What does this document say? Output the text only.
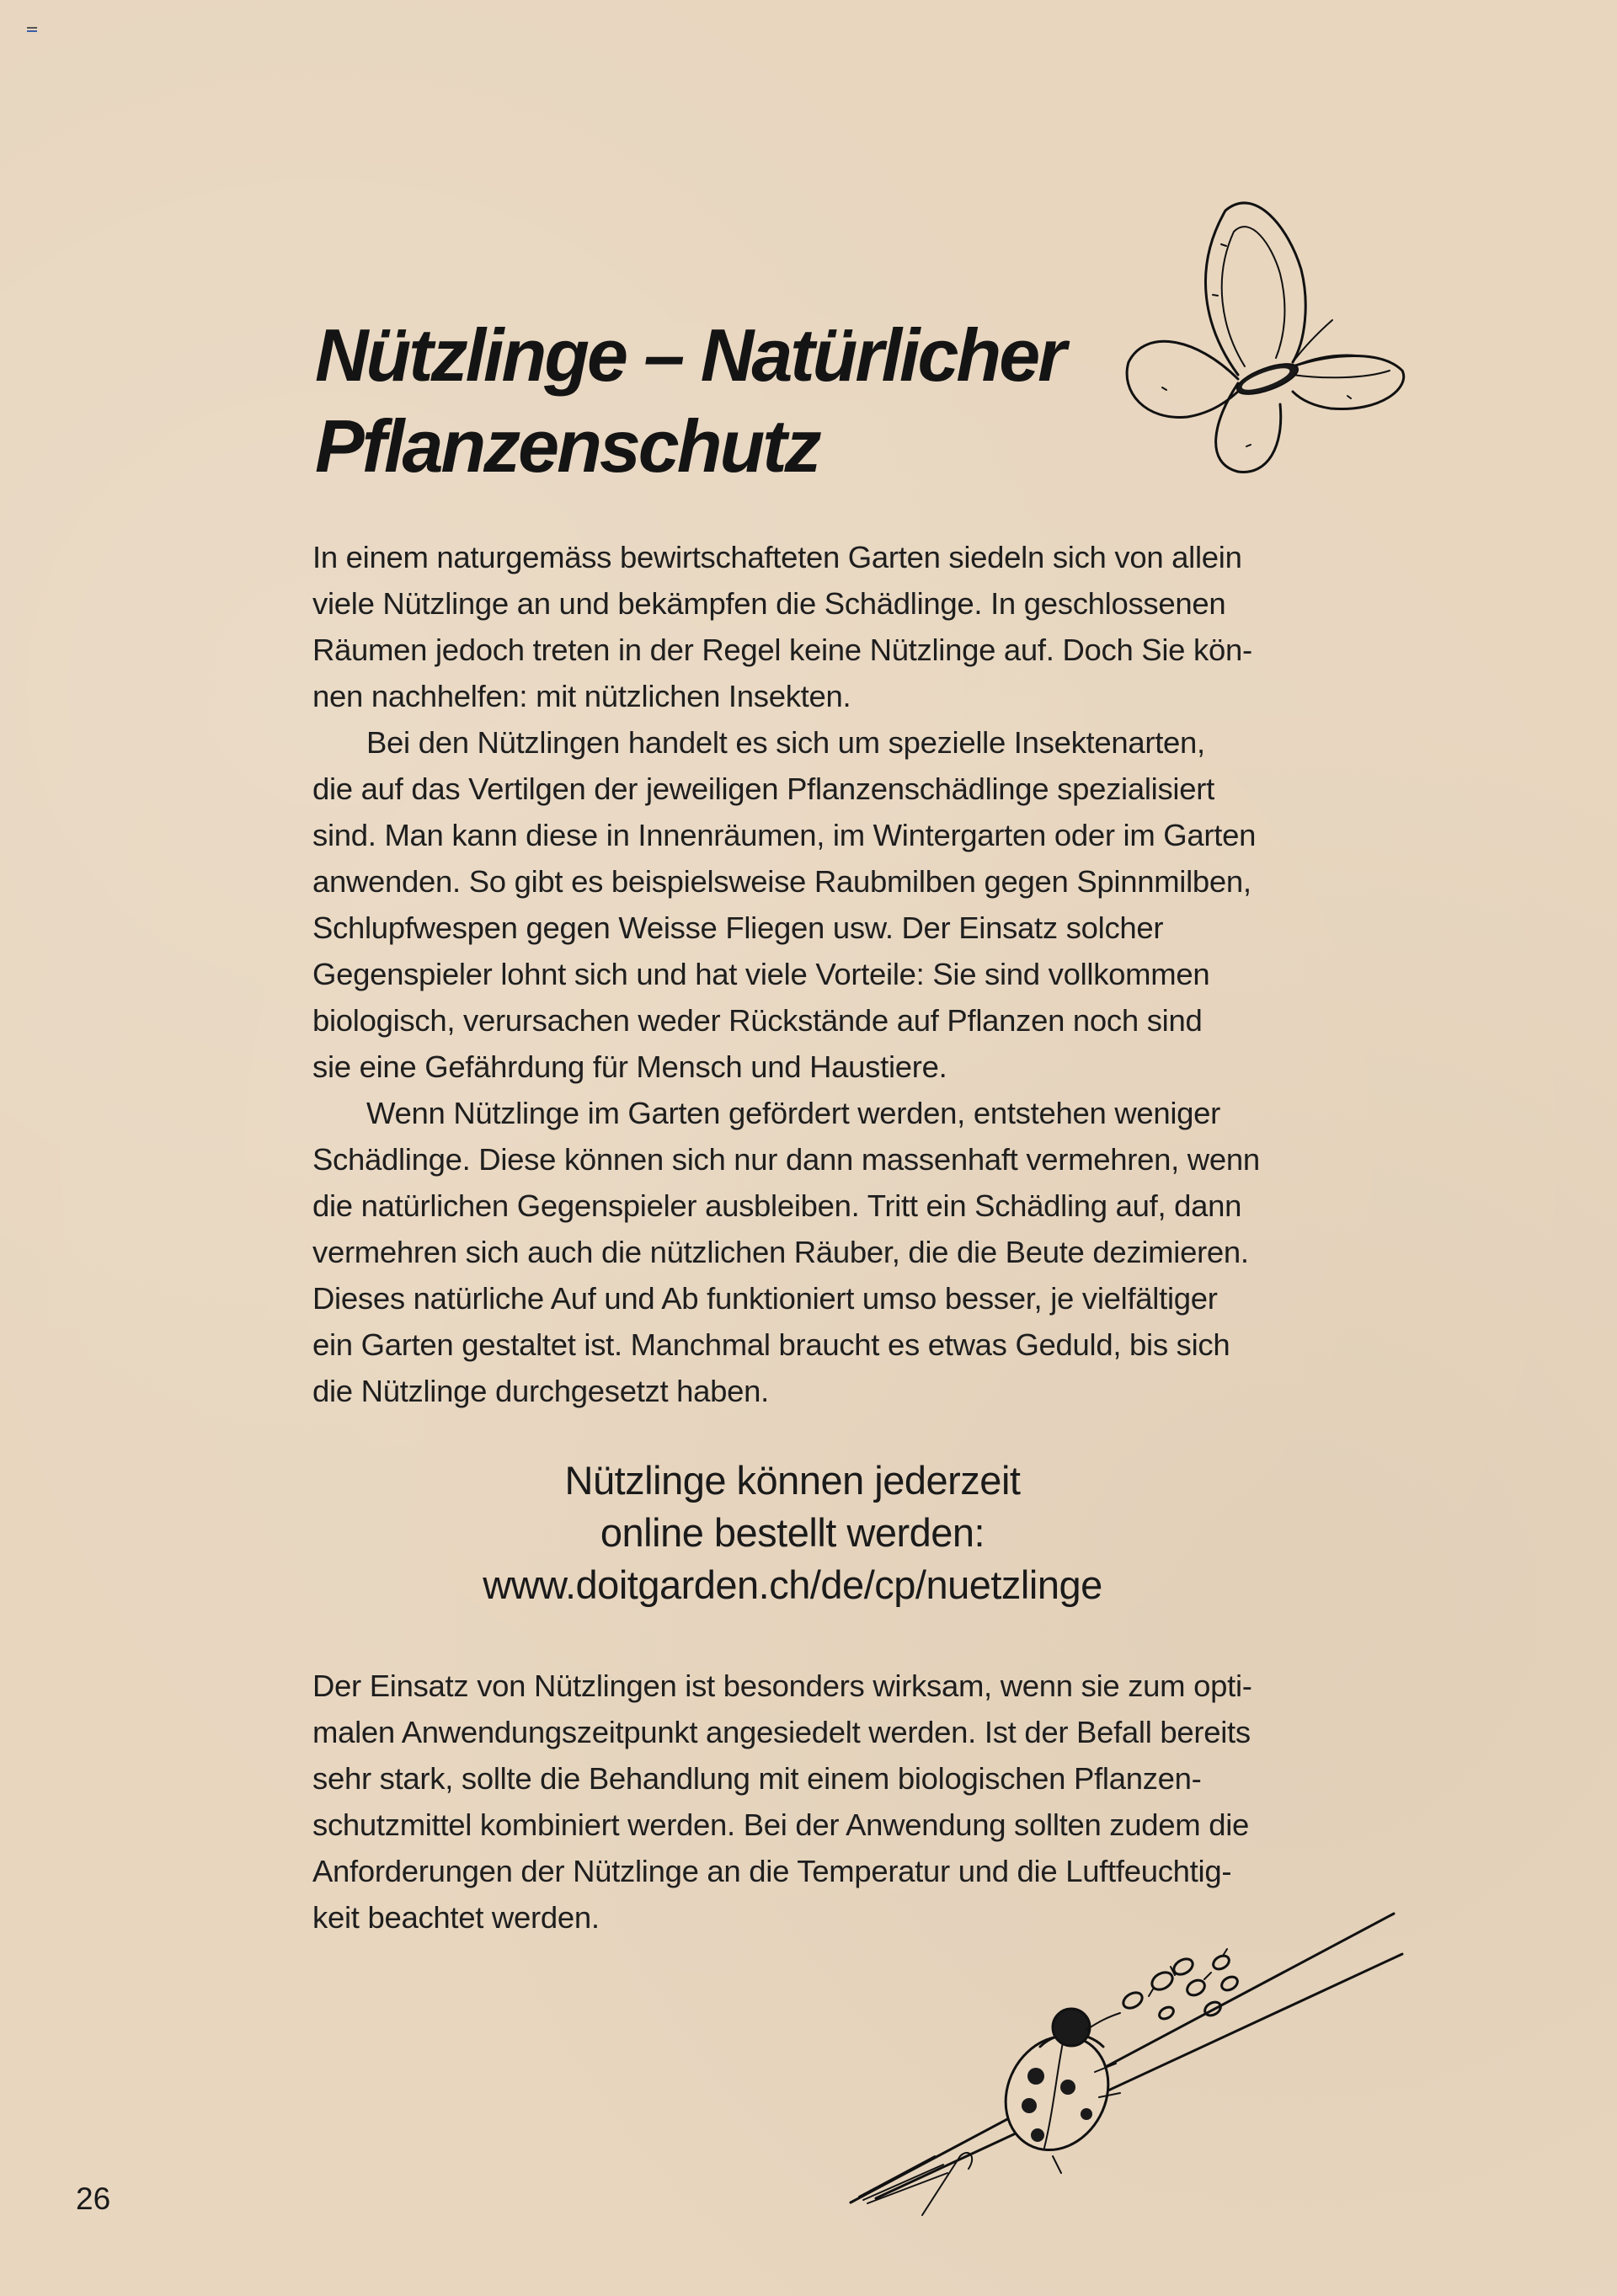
Nützlinge – Natürlicher
Pflanzenschutz
In einem naturgemäss bewirtschafteten Garten siedeln sich von allein
viele Nützlinge an und bekämpfen die Schädlinge. In geschlossenen
Räumen jedoch treten in der Regel keine Nützlinge auf. Doch Sie kön-
nen nachhelfen: mit nützlichen Insekten.
Bei den Nützlingen handelt es sich um spezielle Insektenarten,
die auf das Vertilgen der jeweiligen Pflanzenschädlinge spezialisiert
sind. Man kann diese in Innenräumen, im Wintergarten oder im Garten
anwenden. So gibt es beispielsweise Raubmilben gegen Spinnmilben,
Schlupfwespen gegen Weisse Fliegen usw. Der Einsatz solcher
Gegenspieler lohnt sich und hat viele Vorteile: Sie sind vollkommen
biologisch, verursachen weder Rückstände auf Pflanzen noch sind
sie eine Gefährdung für Mensch und Haustiere.
Wenn Nützlinge im Garten gefördert werden, entstehen weniger
Schädlinge. Diese können sich nur dann massenhaft vermehren, wenn
die natürlichen Gegenspieler ausbleiben. Tritt ein Schädling auf, dann
vermehren sich auch die nützlichen Räuber, die die Beute dezimieren.
Dieses natürliche Auf und Ab funktioniert umso besser, je vielfältiger
ein Garten gestaltet ist. Manchmal braucht es etwas Geduld, bis sich
die Nützlinge durchgesetzt haben.
Nützlinge können jederzeit
online bestellt werden:
www.doitgarden.ch/de/cp/nuetzlinge
Der Einsatz von Nützlingen ist besonders wirksam, wenn sie zum opti-
malen Anwendungszeitpunkt angesiedelt werden. Ist der Befall bereits
sehr stark, sollte die Behandlung mit einem biologischen Pflanzen-
schutzmittel kombiniert werden. Bei der Anwendung sollten zudem die
Anforderungen der Nützlinge an die Temperatur und die Luftfeuchtig-
keit beachtet werden.
26
